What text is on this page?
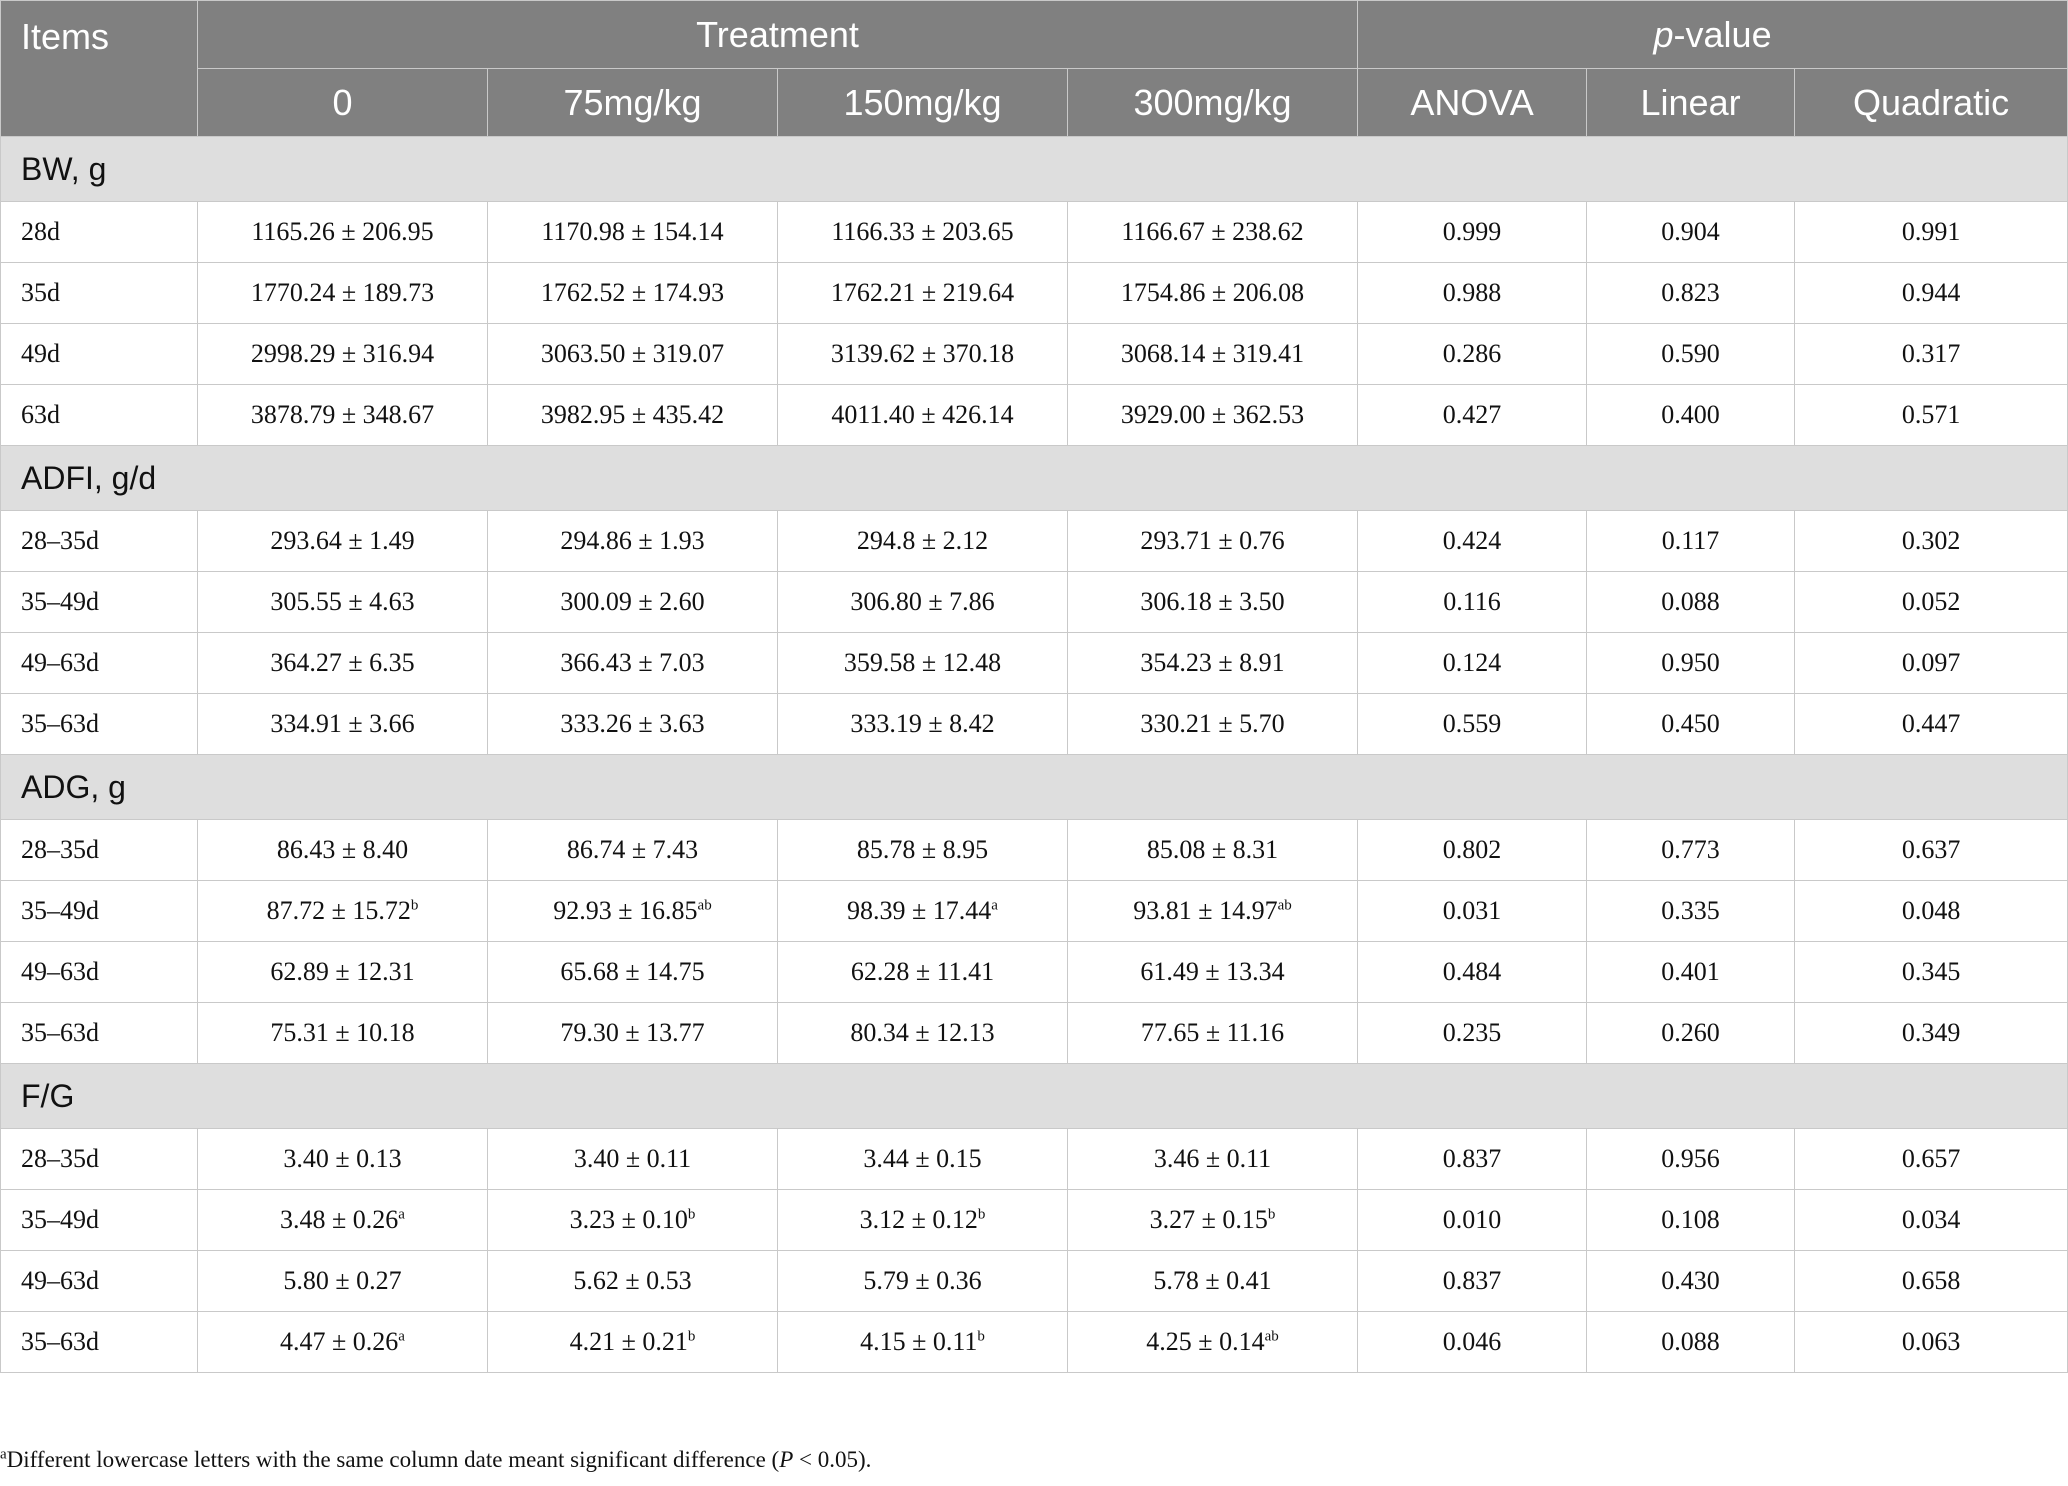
Items	Treatment				p-value		
	0	75mg/kg	150mg/kg	300mg/kg	ANOVA	Linear	Quadratic
BW, g							
28d	1165.26 ± 206.95	1170.98 ± 154.14	1166.33 ± 203.65	1166.67 ± 238.62	0.999	0.904	0.991
35d	1770.24 ± 189.73	1762.52 ± 174.93	1762.21 ± 219.64	1754.86 ± 206.08	0.988	0.823	0.944
49d	2998.29 ± 316.94	3063.50 ± 319.07	3139.62 ± 370.18	3068.14 ± 319.41	0.286	0.590	0.317
63d	3878.79 ± 348.67	3982.95 ± 435.42	4011.40 ± 426.14	3929.00 ± 362.53	0.427	0.400	0.571
ADFI, g/d							
28–35d	293.64 ± 1.49	294.86 ± 1.93	294.8 ± 2.12	293.71 ± 0.76	0.424	0.117	0.302
35–49d	305.55 ± 4.63	300.09 ± 2.60	306.80 ± 7.86	306.18 ± 3.50	0.116	0.088	0.052
49–63d	364.27 ± 6.35	366.43 ± 7.03	359.58 ± 12.48	354.23 ± 8.91	0.124	0.950	0.097
35–63d	334.91 ± 3.66	333.26 ± 3.63	333.19 ± 8.42	330.21 ± 5.70	0.559	0.450	0.447
ADG, g							
28–35d	86.43 ± 8.40	86.74 ± 7.43	85.78 ± 8.95	85.08 ± 8.31	0.802	0.773	0.637
35–49d	87.72 ± 15.72$^b$	92.93 ± 16.85$^{ab}$	98.39 ± 17.44$^a$	93.81 ± 14.97$^{ab}$	0.031	0.335	0.048
49–63d	62.89 ± 12.31	65.68 ± 14.75	62.28 ± 11.41	61.49 ± 13.34	0.484	0.401	0.345
35–63d	75.31 ± 10.18	79.30 ± 13.77	80.34 ± 12.13	77.65 ± 11.16	0.235	0.260	0.349
F/G							
28–35d	3.40 ± 0.13	3.40 ± 0.11	3.44 ± 0.15	3.46 ± 0.11	0.837	0.956	0.657
35–49d	3.48 ± 0.26$^a$	3.23 ± 0.10$^b$	3.12 ± 0.12$^b$	3.27 ± 0.15$^b$	0.010	0.108	0.034
49–63d	5.80 ± 0.27	5.62 ± 0.53	5.79 ± 0.36	5.78 ± 0.41	0.837	0.430	0.658
35–63d	4.47 ± 0.26$^a$	4.21 ± 0.21$^b$	4.15 ± 0.11$^b$	4.25 ± 0.14$^{ab}$	0.046	0.088	0.063
$^a$Different lowercase letters with the same column date meant significant difference (P < 0.05).
